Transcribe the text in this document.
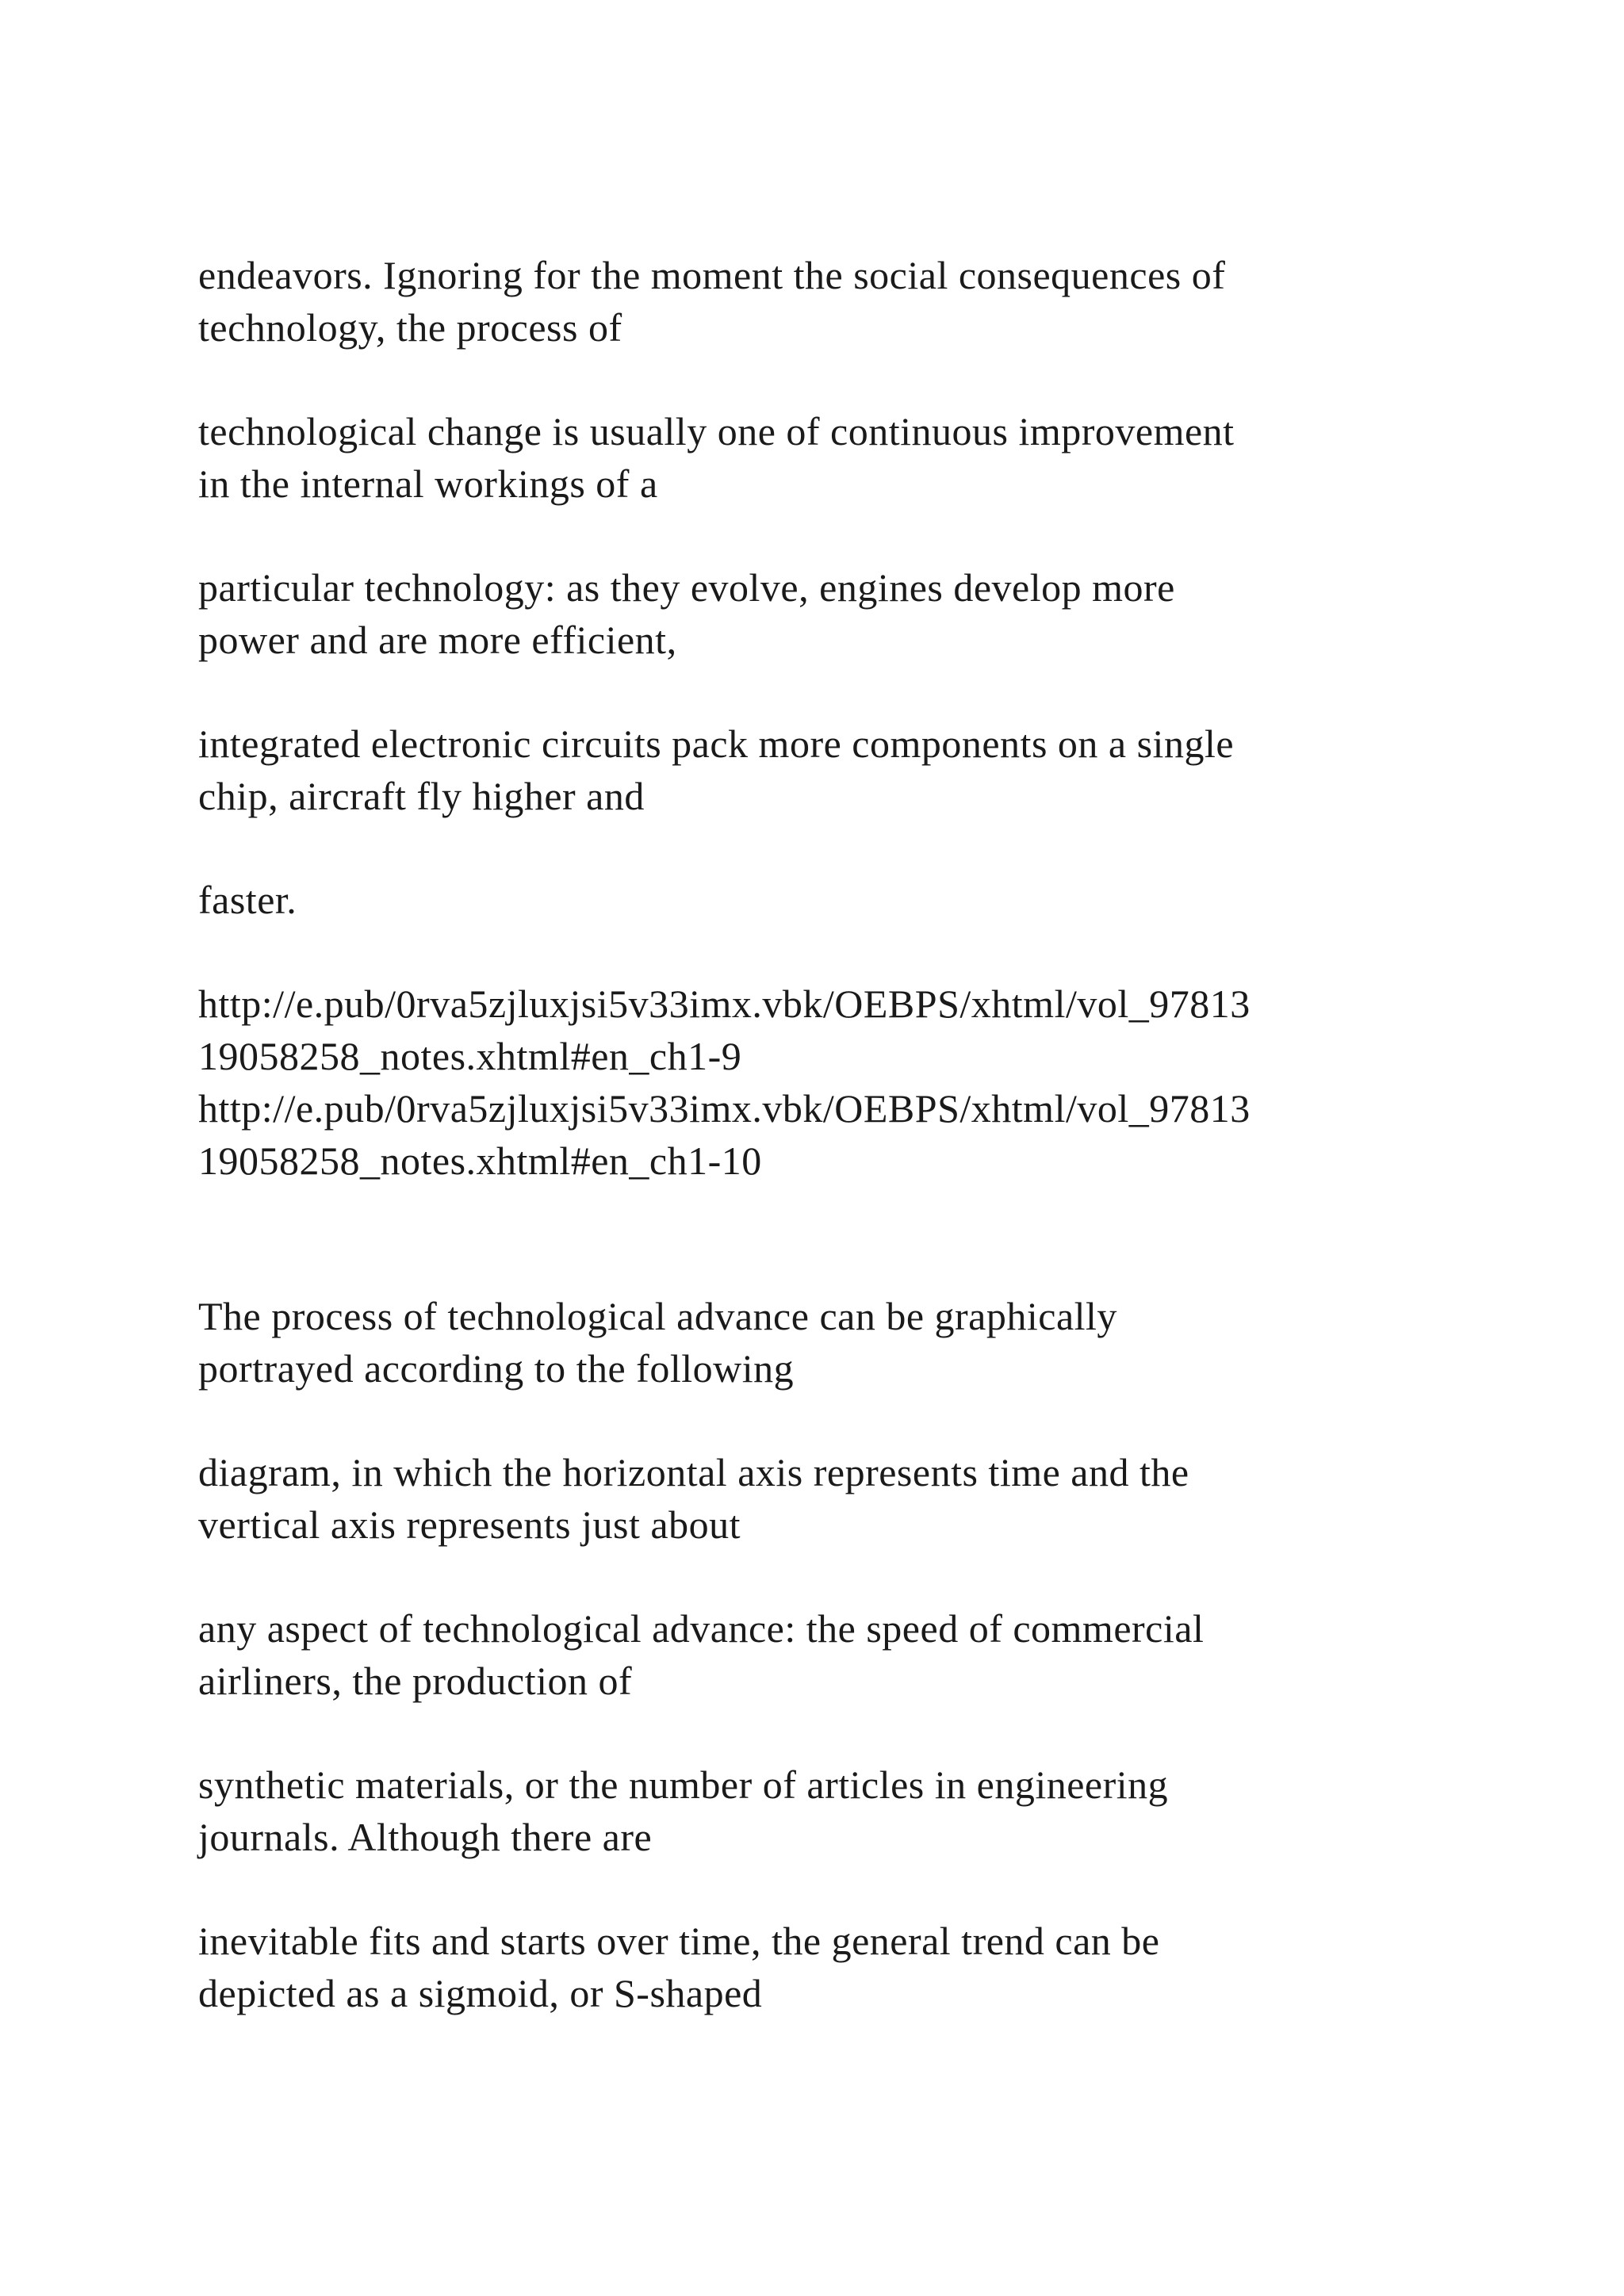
endeavors. Ignoring for the moment the social consequences of
technology, the process of
technological change is usually one of continuous improvement
in the internal workings of a
particular technology: as they evolve, engines develop more
power and are more efficient,
integrated electronic circuits pack more components on a single
chip, aircraft fly higher and
faster.
http://e.pub/0rva5zjluxjsi5v33imx.vbk/OEBPS/xhtml/vol_97813
19058258_notes.xhtml#en_ch1-9
http://e.pub/0rva5zjluxjsi5v33imx.vbk/OEBPS/xhtml/vol_97813
19058258_notes.xhtml#en_ch1-10
The process of technological advance can be graphically
portrayed according to the following
diagram, in which the horizontal axis represents time and the
vertical axis represents just about
any aspect of technological advance: the speed of commercial
airliners, the production of
synthetic materials, or the number of articles in engineering
journals. Although there are
inevitable fits and starts over time, the general trend can be
depicted as a sigmoid, or S-shaped
